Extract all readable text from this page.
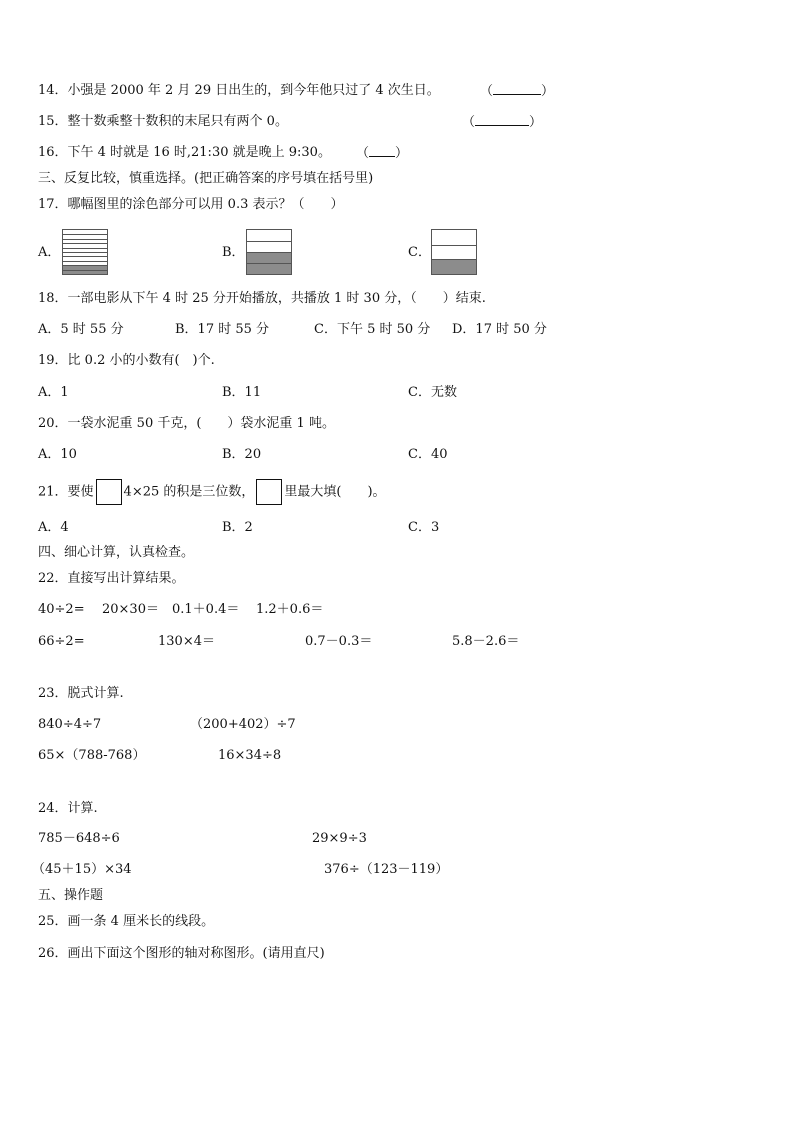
14．小强是 2000 年 2 月 29 日出生的，到今年他只过了 4 次生日。	（	）
15．整十数乘整十数积的末尾只有两个 0。	（	）
16．下午 4 时就是 16 时,21:30 就是晚上 9:30。 （ ）
三、反复比较，慎重选择。(把正确答案的序号填在括号里)
17．哪幅图里的涂色部分可以用 0.3 表示？（　　）
A．	B．	C．
18．一部电影从下午 4 时 25 分开始播放，共播放 1 时 30 分，（　　）结束.
A．5 时 55 分	B．17 时 55 分	C．下午 5 时 50 分 D．17 时 50 分
19．比 0.2 小的小数有(　)个.
A．1	B．11	C．无数
20．一袋水泥重 50 千克，(　　）袋水泥重 1 吨。
A．10	B．20	C．40
21．要使 4×25 的积是三位数， 里最大填(　　)。
A．4	B．2	C．3
四、细心计算，认真检查。
22．直接写出计算结果。
40÷2= 20×30＝ 0.1＋0.4＝ 1.2＋0.6＝
66÷2=	130×4＝	0.7－0.3＝	5.8－2.6＝
23．脱式计算.
840÷4÷7	（200+402）÷7
65×（788-768）	16×34÷8
24．计算.
785－648÷6	29×9÷3
（45＋15）×34	376÷（123－119）
五、操作题
25．画一条 4 厘米长的线段。
26．画出下面这个图形的轴对称图形。(请用直尺)
